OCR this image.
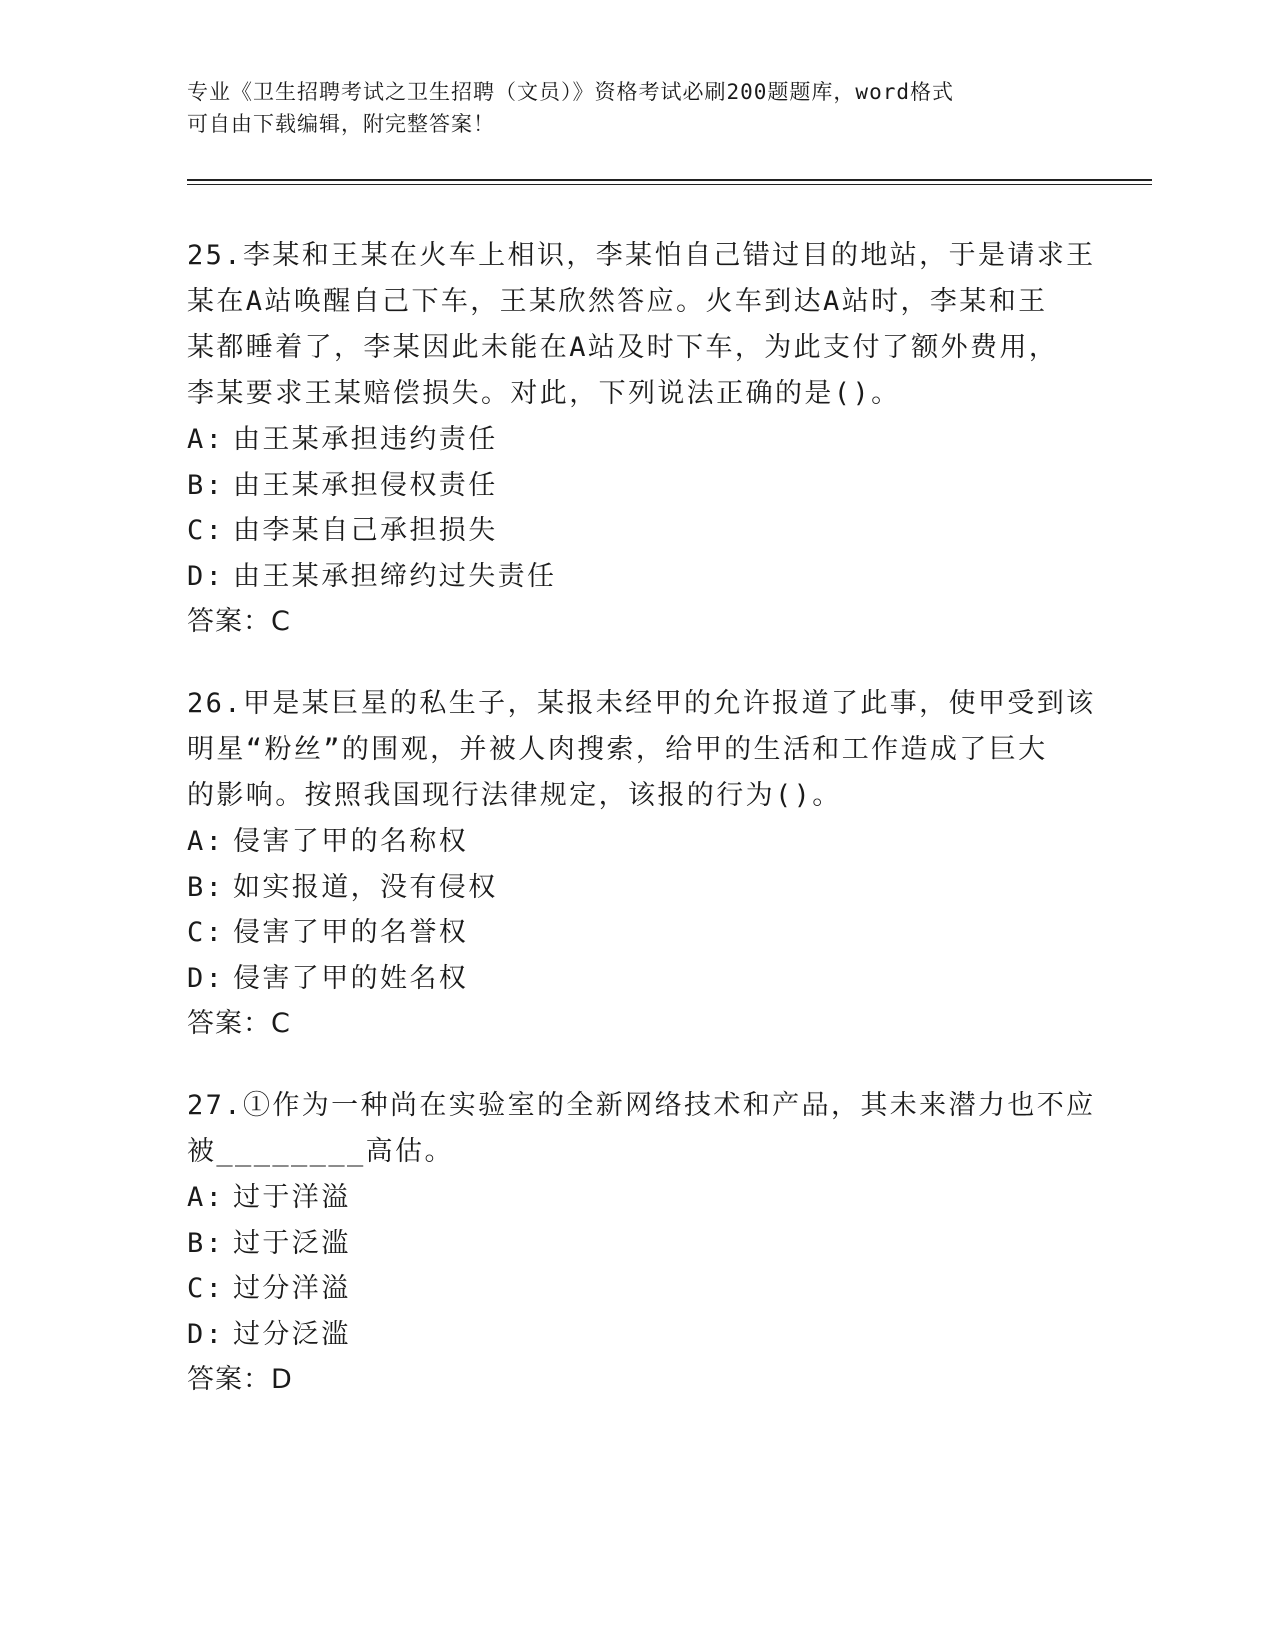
专业《卫生招聘考试之卫生招聘（文员）》资格考试必刷200题题库，word格式
可自由下载编辑，附完整答案！
25.李某和王某在火车上相识，李某怕自己错过目的地站，于是请求王
某在A站唤醒自己下车，王某欣然答应。火车到达A站时，李某和王
某都睡着了，李某因此未能在A站及时下车，为此支付了额外费用，
李某要求王某赔偿损失。对此，下列说法正确的是()。
A: 由王某承担违约责任
B: 由王某承担侵权责任
C: 由李某自己承担损失
D: 由王某承担缔约过失责任
答案：C
26.甲是某巨星的私生子，某报未经甲的允许报道了此事，使甲受到该
明星“粉丝”的围观，并被人肉搜索，给甲的生活和工作造成了巨大
的影响。按照我国现行法律规定，该报的行为()。
A: 侵害了甲的名称权
B: 如实报道，没有侵权
C: 侵害了甲的名誉权
D: 侵害了甲的姓名权
答案：C
27.①作为一种尚在实验室的全新网络技术和产品，其未来潜力也不应
被________高估。
A: 过于洋溢
B: 过于泛滥
C: 过分洋溢
D: 过分泛滥
答案：D
